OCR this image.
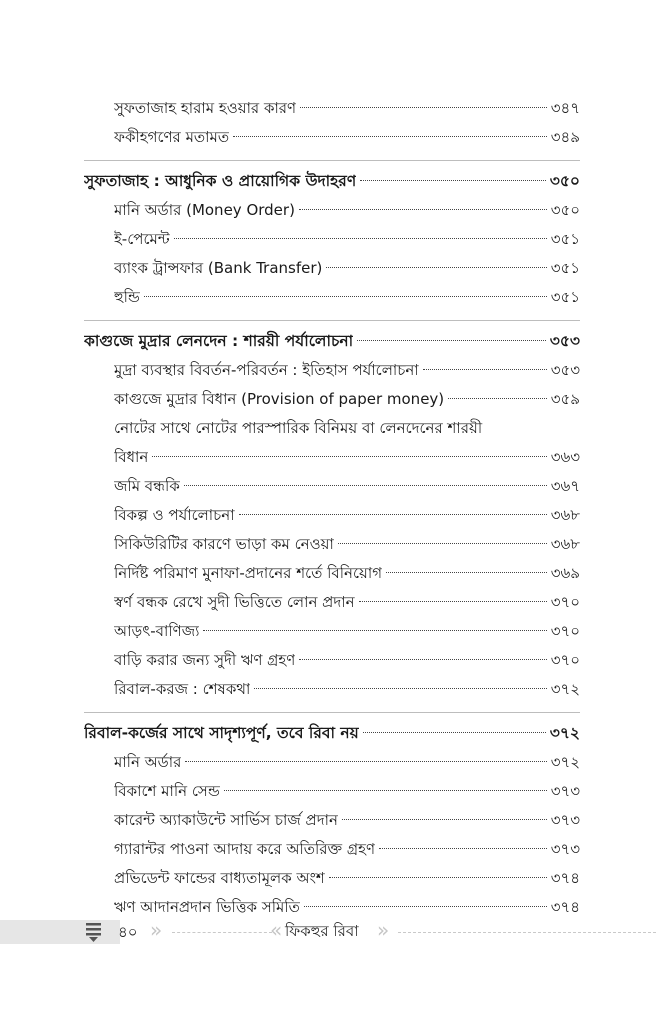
সুফতাজাহ হারাম হওয়ার কারণ	৩৪৭
ফকীহগণের মতামত	৩৪৯
সুফতাজাহ : আধুনিক ও প্রায়োগিক উদাহরণ	৩৫০
মানি অর্ডার (Money Order)	৩৫০
ই-পেমেন্ট	৩৫১
ব্যাংক ট্রান্সফার (Bank Transfer)	৩৫১
হুন্ডি	৩৫১
কাগুজে মুদ্রার লেনদেন : শারয়ী পর্যালোচনা	৩৫৩
মুদ্রা ব্যবস্থার বিবর্তন-পরিবর্তন : ইতিহাস পর্যালোচনা	৩৫৩
কাগুজে মুদ্রার বিধান (Provision of paper money)	৩৫৯
নোটের সাথে নোটের পারস্পারিক বিনিময় বা লেনদেনের শারয়ী
বিধান	৩৬৩
জমি বন্ধকি	৩৬৭
বিকল্প ও পর্যালোচনা	৩৬৮
সিকিউরিটির কারণে ভাড়া কম নেওয়া	৩৬৮
নির্দিষ্ট পরিমাণ মুনাফা-প্রদানের শর্তে বিনিয়োগ	৩৬৯
স্বর্ণ বন্ধক রেখে সুদী ভিত্তিতে লোন প্রদান	৩৭০
আড়ৎ-বাণিজ্য	৩৭০
বাড়ি করার জন্য সুদী ঋণ গ্রহণ	৩৭০
রিবাল-করজ : শেষকথা	৩৭২
রিবাল-কর্জের সাথে সাদৃশ্যপূর্ণ, তবে রিবা নয়	৩৭২
মানি অর্ডার	৩৭২
বিকাশে মানি সেন্ড	৩৭৩
কারেন্ট অ্যাকাউন্টে সার্ভিস চার্জ প্রদান	৩৭৩
গ্যারান্টর পাওনা আদায় করে অতিরিক্ত গ্রহণ	৩৭৩
প্রভিডেন্ট ফান্ডের বাধ্যতামূলক অংশ	৩৭৪
ঋণ আদানপ্রদান ভিত্তিক সমিতি	৩৭৪
৪০ »	« ফিকহুর রিবা »
